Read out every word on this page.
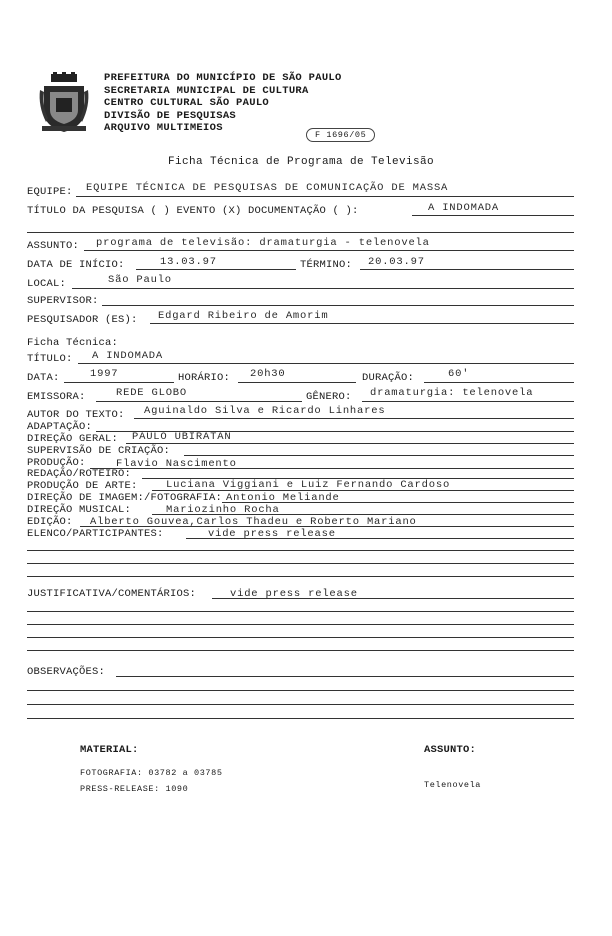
PREFEITURA DO MUNICÍPIO DE SÃO PAULO
SECRETARIA MUNICIPAL DE CULTURA
CENTRO CULTURAL SÃO PAULO
DIVISÃO DE PESQUISAS
ARQUIVO MULTIMEIOS
F 1696/05
Ficha Técnica de Programa de Televisão
EQUIPE: EQUIPE TÉCNICA DE PESQUISAS DE COMUNICAÇÃO DE MASSA
TÍTULO DA PESQUISA ( ) EVENTO (X) DOCUMENTAÇÃO ( ):	A INDOMADA
ASSUNTO: programa de televisão: dramaturgia - telenovela
DATA DE INÍCIO:	13.03.97	TÉRMINO: 20.03.97
LOCAL:	São Paulo
SUPERVISOR:
PESQUISADOR (ES): Edgard Ribeiro de Amorim
Ficha Técnica:
TÍTULO: A INDOMADA
DATA:	1997	HORÁRIO: 20h30	DURAÇÃO:	60'
EMISSORA:	REDE GLOBO	GÊNERO: dramaturgia: telenovela
AUTOR DO TEXTO: Aguinaldo Silva e Ricardo Linhares
ADAPTAÇÃO:
DIREÇÃO GERAL: PAULO UBIRATAN
SUPERVISÃO DE CRIAÇÃO:
PRODUÇÃO:	Flavio Nascimento
REDAÇÃO/ROTEIRO:
PRODUÇÃO DE ARTE:	Luciana Viggiani e Luiz Fernando Cardoso
DIREÇÃO DE IMAGEM:/FOTOGRAFIA: Antonio Meliande
DIREÇÃO MUSICAL:	Mariozinho Rocha
EDIÇÃO: Alberto Gouvea,Carlos Thadeu e Roberto Mariano
ELENCO/PARTICIPANTES:	vide press release
JUSTIFICATIVA/COMENTÁRIOS:	vide press release
OBSERVAÇÕES:
MATERIAL:
FOTOGRAFIA: 03782 a 03785
PRESS-RELEASE: 1090
ASSUNTO:
Telenovela
